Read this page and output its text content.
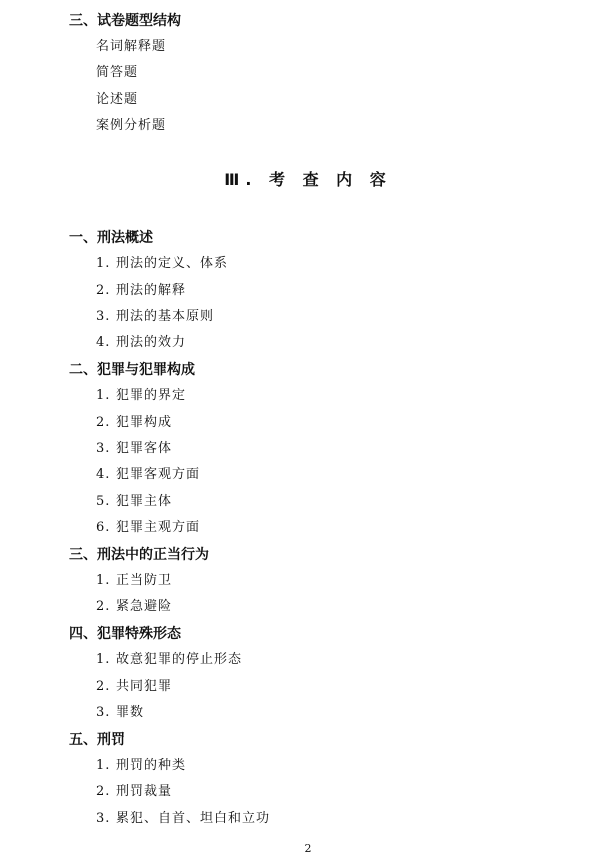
三、试卷题型结构
名词解释题
简答题
论述题
案例分析题
Ⅲ. 考 查 内 容
一、刑法概述
1. 刑法的定义、体系
2. 刑法的解释
3. 刑法的基本原则
4. 刑法的效力
二、犯罪与犯罪构成
1. 犯罪的界定
2. 犯罪构成
3. 犯罪客体
4. 犯罪客观方面
5. 犯罪主体
6. 犯罪主观方面
三、刑法中的正当行为
1. 正当防卫
2. 紧急避险
四、犯罪特殊形态
1. 故意犯罪的停止形态
2. 共同犯罪
3. 罪数
五、刑罚
1. 刑罚的种类
2. 刑罚裁量
3. 累犯、自首、坦白和立功
2
